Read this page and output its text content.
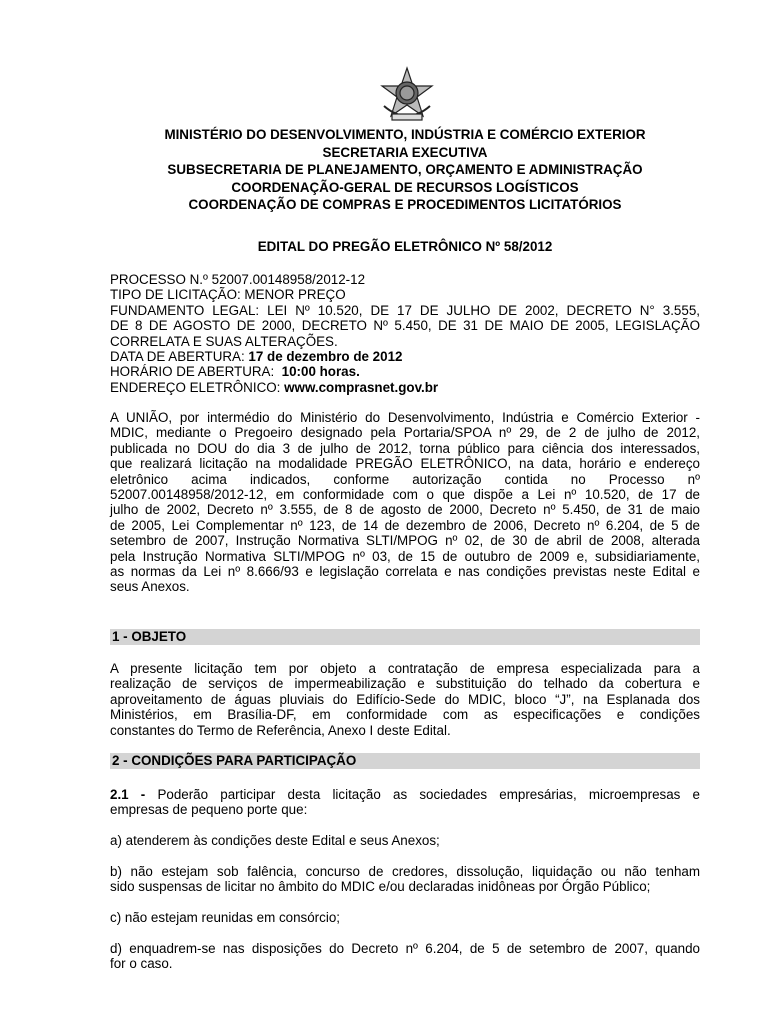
MINISTÉRIO DO DESENVOLVIMENTO, INDÚSTRIA E COMÉRCIO EXTERIOR
SECRETARIA EXECUTIVA
SUBSECRETARIA DE PLANEJAMENTO, ORÇAMENTO E ADMINISTRAÇÃO
COORDENAÇÃO-GERAL DE RECURSOS LOGÍSTICOS
COORDENAÇÃO DE COMPRAS E PROCEDIMENTOS LICITATÓRIOS
EDITAL DO PREGÃO ELETRÔNICO Nº 58/2012
PROCESSO N.º 52007.00148958/2012-12
TIPO DE LICITAÇÃO: MENOR PREÇO
FUNDAMENTO LEGAL: LEI Nº 10.520, DE 17 DE JULHO DE 2002, DECRETO N° 3.555,
DE 8 DE AGOSTO DE 2000, DECRETO Nº 5.450, DE 31 DE MAIO DE 2005, LEGISLAÇÃO
CORRELATA E SUAS ALTERAÇÕES.
DATA DE ABERTURA: 17 de dezembro de 2012
HORÁRIO DE ABERTURA:  10:00 horas.
ENDEREÇO ELETRÔNICO: www.comprasnet.gov.br
A UNIÃO, por intermédio do Ministério do Desenvolvimento, Indústria e Comércio Exterior -
MDIC, mediante o Pregoeiro designado pela Portaria/SPOA nº 29, de 2 de julho de 2012,
publicada no DOU do dia 3 de julho de 2012, torna público para ciência dos interessados,
que realizará licitação na modalidade PREGÃO ELETRÔNICO, na data, horário e endereço
eletrônico acima indicados, conforme autorização contida no Processo nº
52007.00148958/2012-12, em conformidade com o que dispõe a Lei nº 10.520, de 17 de
julho de 2002, Decreto nº 3.555, de 8 de agosto de 2000, Decreto nº 5.450, de 31 de maio
de 2005, Lei Complementar nº 123, de 14 de dezembro de 2006, Decreto nº 6.204, de 5 de
setembro de 2007, Instrução Normativa SLTI/MPOG nº 02, de 30 de abril de 2008, alterada
pela Instrução Normativa SLTI/MPOG nº 03, de 15 de outubro de 2009 e, subsidiariamente,
as normas da Lei nº 8.666/93 e legislação correlata e nas condições previstas neste Edital e
seus Anexos.
1 - OBJETO
A presente licitação tem por objeto a contratação de empresa especializada para a
realização de serviços de impermeabilização e substituição do telhado da cobertura e
aproveitamento de águas pluviais do Edifício-Sede do MDIC, bloco “J”, na Esplanada dos
Ministérios, em Brasília-DF, em conformidade com as especificações e condições
constantes do Termo de Referência, Anexo I deste Edital.
2 - CONDIÇÕES PARA PARTICIPAÇÃO
2.1 - Poderão participar desta licitação as sociedades empresárias, microempresas e
empresas de pequeno porte que:
a) atenderem às condições deste Edital e seus Anexos;
b) não estejam sob falência, concurso de credores, dissolução, liquidação ou não tenham
sido suspensas de licitar no âmbito do MDIC e/ou declaradas inidôneas por Órgão Público;
c) não estejam reunidas em consórcio;
d) enquadrem-se nas disposições do Decreto nº 6.204, de 5 de setembro de 2007, quando
for o caso.
